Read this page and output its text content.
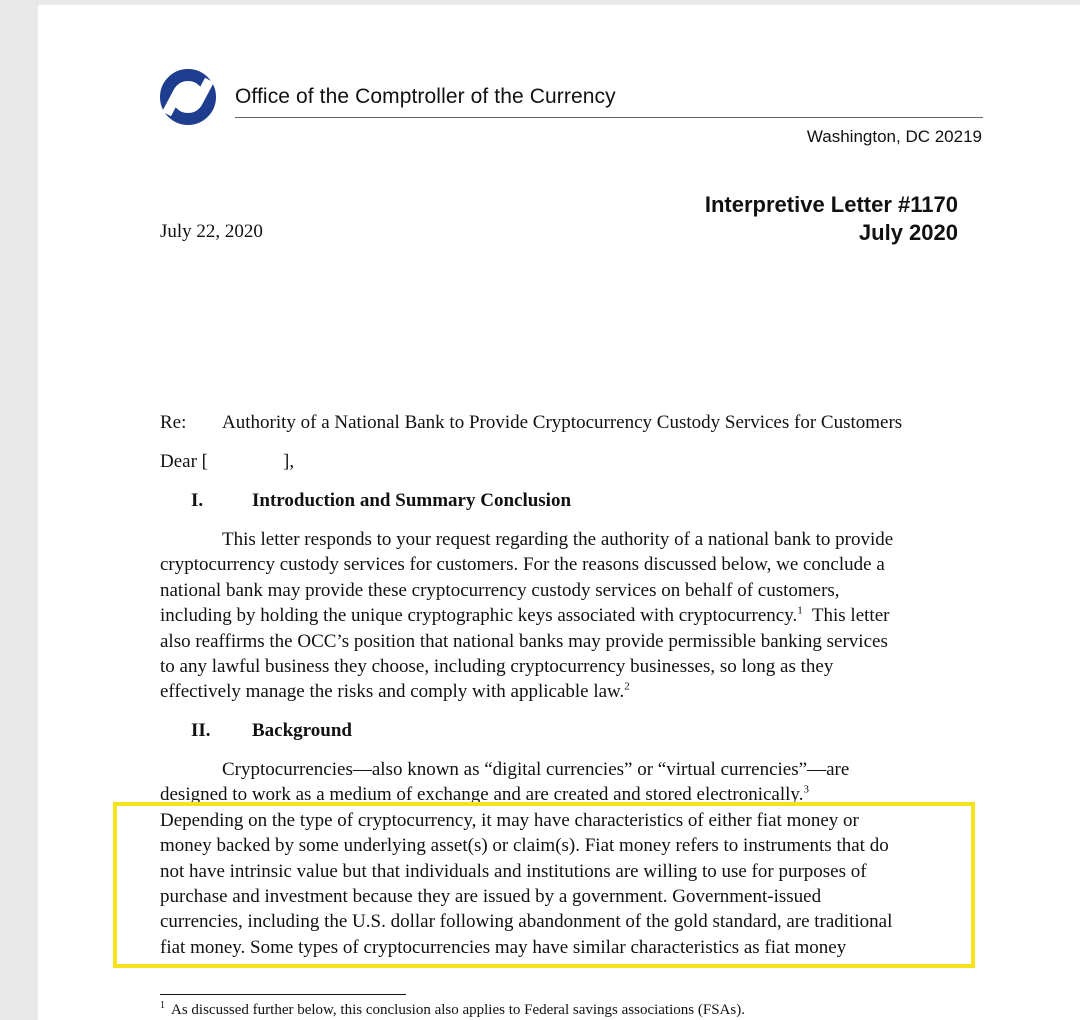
Office of the Comptroller of the Currency
Washington, DC 20219
Interpretive Letter #1170
July 2020
July 22, 2020
Re: Authority of a National Bank to Provide Cryptocurrency Custody Services for Customers
Dear [	],
I.	Introduction and Summary Conclusion
This letter responds to your request regarding the authority of a national bank to provide
cryptocurrency custody services for customers. For the reasons discussed below, we conclude a
national bank may provide these cryptocurrency custody services on behalf of customers,
including by holding the unique cryptographic keys associated with cryptocurrency.$^1$ This letter
also reaffirms the OCC’s position that national banks may provide permissible banking services
to any lawful business they choose, including cryptocurrency businesses, so long as they
effectively manage the risks and comply with applicable law.$^2$
II. Background
Cryptocurrencies—also known as “digital currencies” or “virtual currencies”—are
designed to work as a medium of exchange and are created and stored electronically.$^3$
Depending on the type of cryptocurrency, it may have characteristics of either fiat money or
money backed by some underlying asset(s) or claim(s). Fiat money refers to instruments that do
not have intrinsic value but that individuals and institutions are willing to use for purposes of
purchase and investment because they are issued by a government. Government-issued
currencies, including the U.S. dollar following abandonment of the gold standard, are traditional
fiat money. Some types of cryptocurrencies may have similar characteristics as fiat money
$^1$ As discussed further below, this conclusion also applies to Federal savings associations (FSAs).
